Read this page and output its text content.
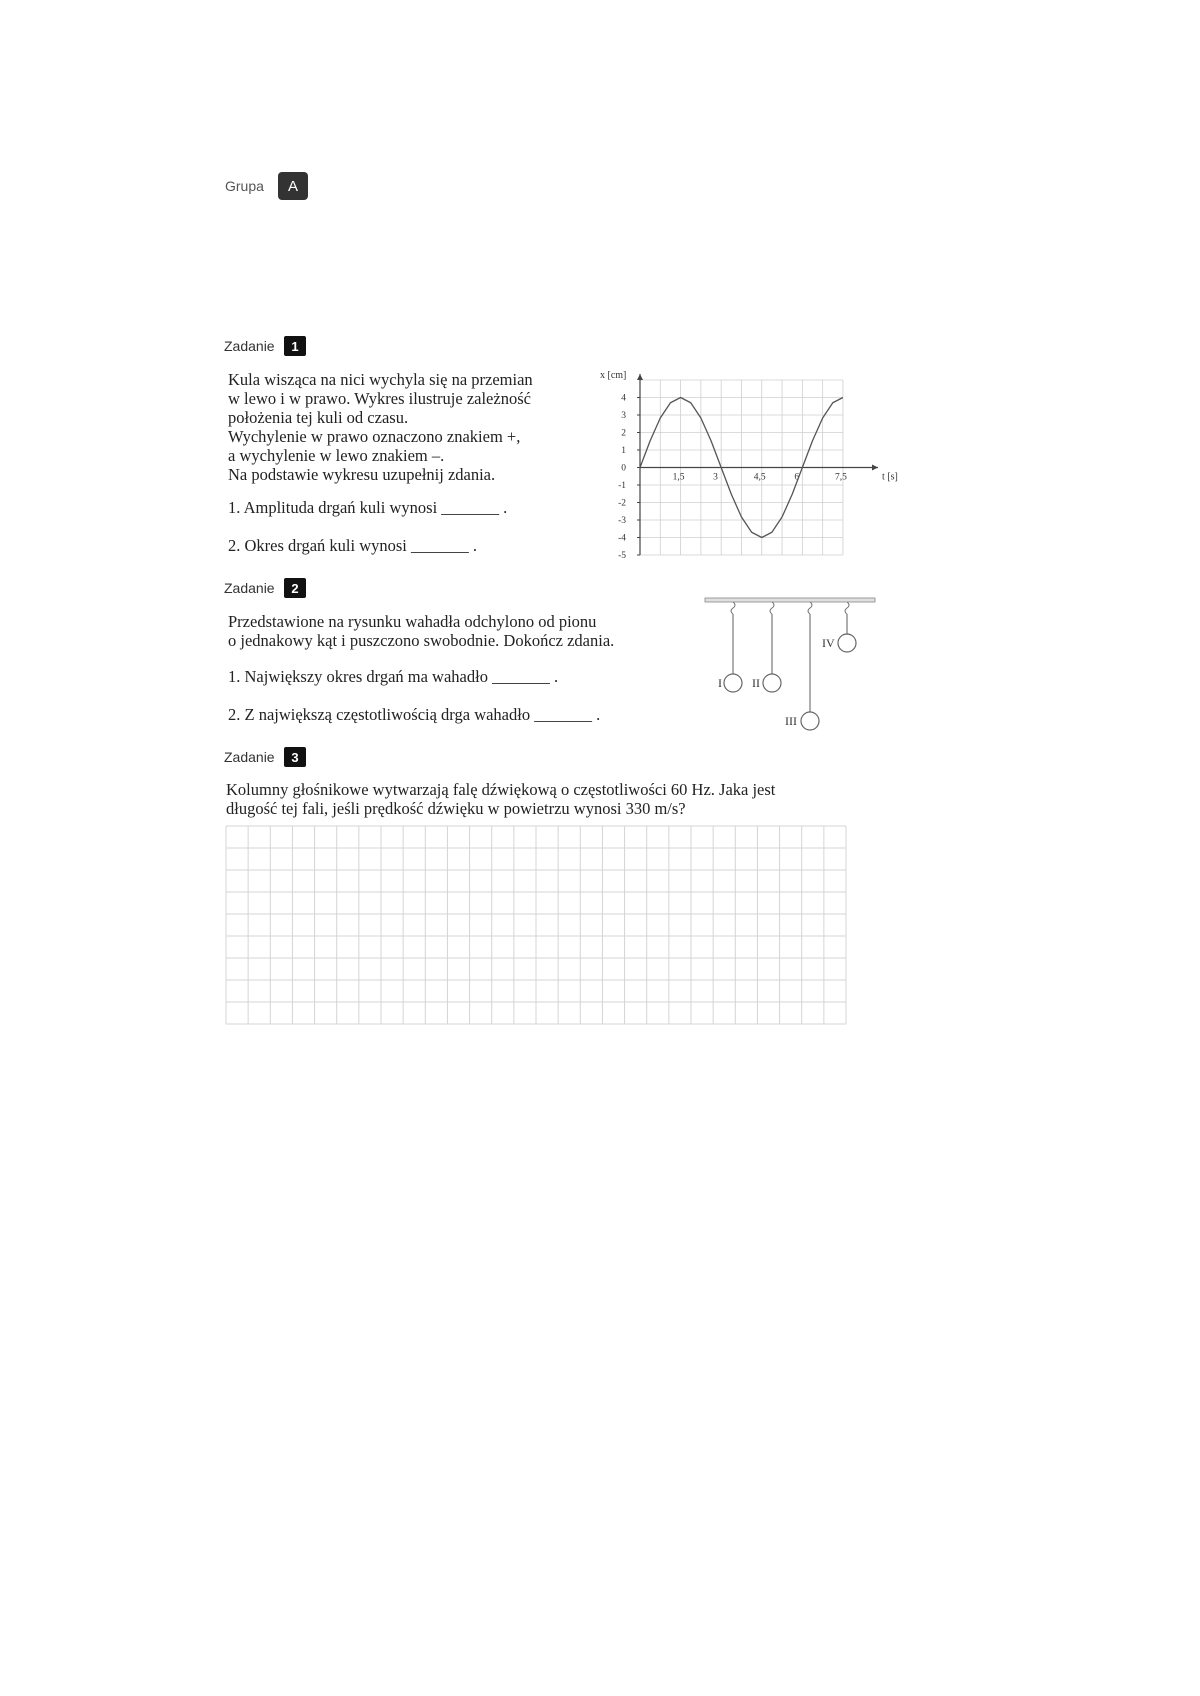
Grupa	A
Zadanie	1
Kula wisząca na nici wychyla się na przemian
w lewo i w prawo. Wykres ilustruje zależność
położenia tej kuli od czasu.
Wychylenie w prawo oznaczono znakiem +,
a wychylenie w lewo znakiem –.
Na podstawie wykresu uzupełnij zdania.
1. Amplituda drgań kuli wynosi _______ .
2. Okres drgań kuli wynosi _______ .
x [cm]
t [s]
1,5	3	4,5	6	7,5
4
3
2
1
0
-1
-2
-3
-4
-5
Zadanie	2
Przedstawione na rysunku wahadła odchylono od pionu
o jednakowy kąt i puszczono swobodnie. Dokończ zdania.
1. Największy okres drgań ma wahadło _______ .
2. Z największą częstotliwością drga wahadło _______ .
I	II
III
IV
Zadanie	3
Kolumny głośnikowe wytwarzają falę dźwiękową o częstotliwości 60 Hz. Jaka jest
długość tej fali, jeśli prędkość dźwięku w powietrzu wynosi 330 m/s?
